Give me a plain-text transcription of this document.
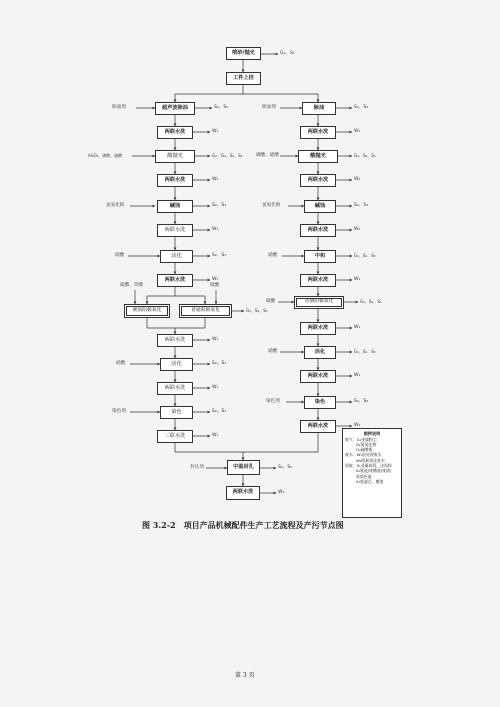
喷砂/抛光
工件上挂
超声波除油
两联水洗
酸抛光
两联水洗
碱蚀
两联水洗
活化
两联水洗
硬质阳极氧化	普通阳极氧化
两联水洗
活化
两联水洗
染色
三联水洗
除油
两联水洗
酸抛光
两联水洗
碱蚀
两联水洗
中和
两联水洗
普通阳极氧化
两联水洗
活化
两联水洗
染色
两联水洗
中温封孔
两联水洗
除油剂
Al₂O₃、磷酸、硫酸
氢氧化钠
硝酸
硫酸、草酸	硫酸
硝酸
染色剂
除油剂
磷酸、硫酸
氢氧化钠
硝酸
硫酸
硝酸
染色剂
封孔剂
G₁、S₁
S₂、S₃
W₁
G₂、G₃、S₄、S₅
W₂
S₂、S₃
W₁
S₂、S₃
W₁
G₃、S₄、S₅
W₁
S₂、S₃
W₁
S₂、S₃
W₁
S₂、S₃
W₁
G₃、S₄、S₅
W₂
S₂、S₃
W₁
G₃、S₂、S₃
W₁
G₃、S₄、S₅
W₁
G₃、S₂、S₃
W₁
S₂、S₃
W₁
S₂、S₃
W₂
图例说明
废气：G₁金属粉尘
G₂氮氧化物
G₃硫酸雾
废水：W₁前处理废水
W₂阳极氧化废水
固废：S₁金属碎屑、边角料
S₂废液/废槽液/废渣/
废染色液
S₃废滤芯、槽渣
图 3.2-2　项目产品机械配件生产工艺流程及产污节点图
第 3 页
